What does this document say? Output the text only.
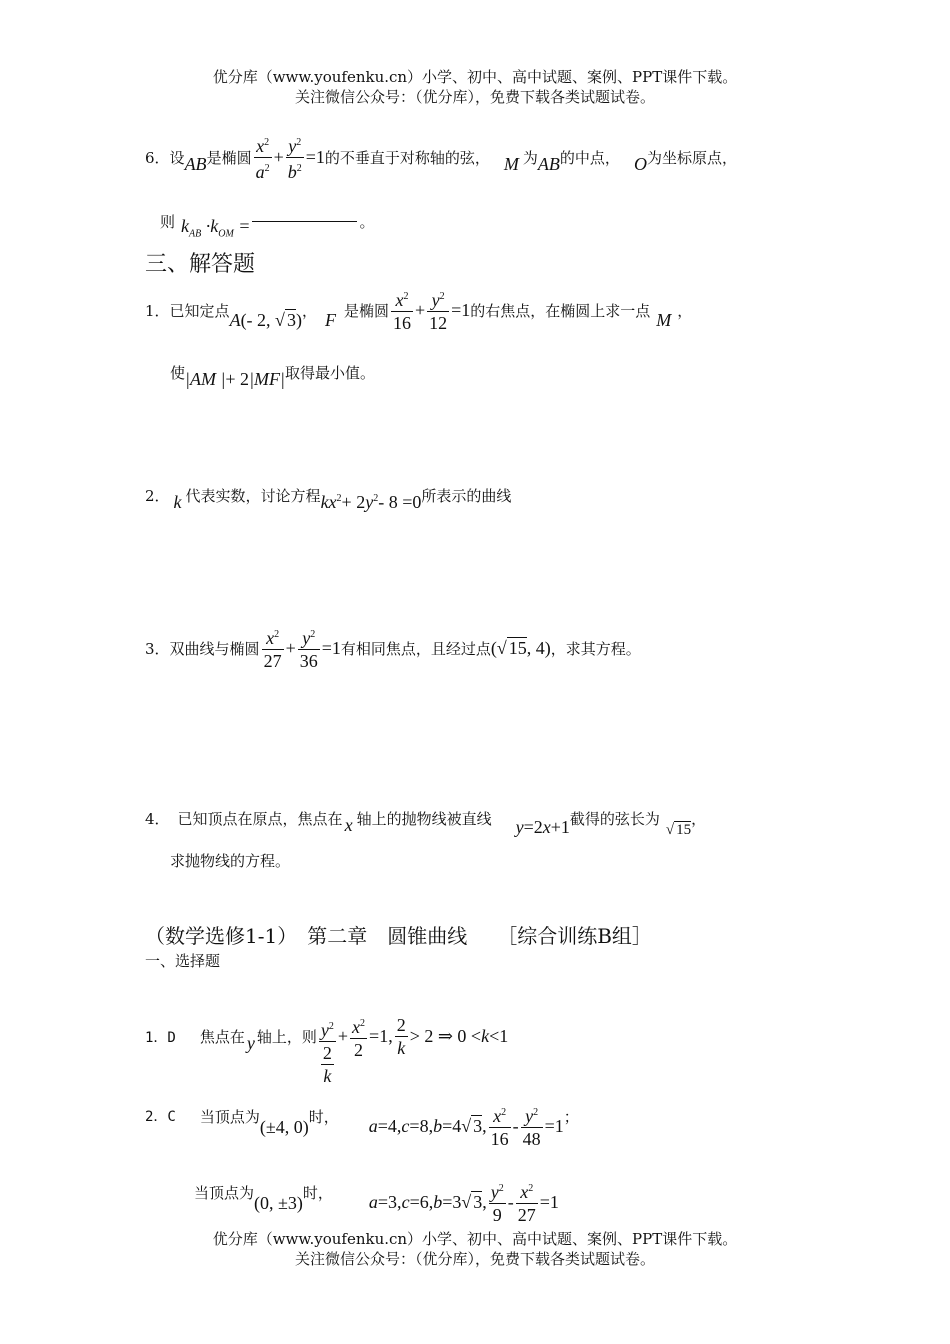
优分库（www.youfenku.cn）小学、初中、高中试题、案例、PPT课件下载。
关注微信公众号：（优分库），免费下载各类试题试卷。
6． 设 AB 是椭圆 $\frac{x^2}{a^2} + \frac{y^2}{b^2} =1$ 的不垂直于对称轴的弦， M 为 AB 的中点， O 为坐标原点，
则 $k_{AB} \cdot k_{OM}$ =	。
三、解答题
1． 已知定点 A (- 2, √ 3) ， F 是椭圆 $\frac{x^2}{16} + \frac{y^2}{12} =1$ 的右焦点，在椭圆上求一点 M ，
使 |AM | + 2 |MF| 取得最小值。
2． k 代表实数，讨论方程 $kx^2 + 2$ $y^2 - 8 =0$ 所表示的曲线
3． 双曲线与椭圆 $\frac{x^2}{27} + \frac{y^2}{36} =1$ 有相同焦点，且经过点 (√ 15, 4) ，求其方程。
4． 已知顶点在原点，焦点在 x 轴上的抛物线被直线 y =2 x +1 截得的弦长为
√ 15
，
求抛物线的方程。
（数学选修1-1）　第二章　圆锥曲线　　［综合训练B组］
一、选择题
1．D 焦点在 y 轴上，则 $y^2$
2
$k + \frac{x^2}{2} =1$, $\frac{2}{k} > 2$ ⇒ 0 < k <1
2．C 当顶点为 (±4, 0) 时， a =4, c =8, b =4√ 3, $\frac{x^2}{16} - \frac{y^2}{48} =1$ ；
当顶点为 (0, ±3) 时， a =3, c =6, b =3√ 3, $\frac{y^2}{9} - \frac{x^2}{27} =1$
优分库（www.youfenku.cn）小学、初中、高中试题、案例、PPT课件下载。
关注微信公众号：（优分库），免费下载各类试题试卷。
